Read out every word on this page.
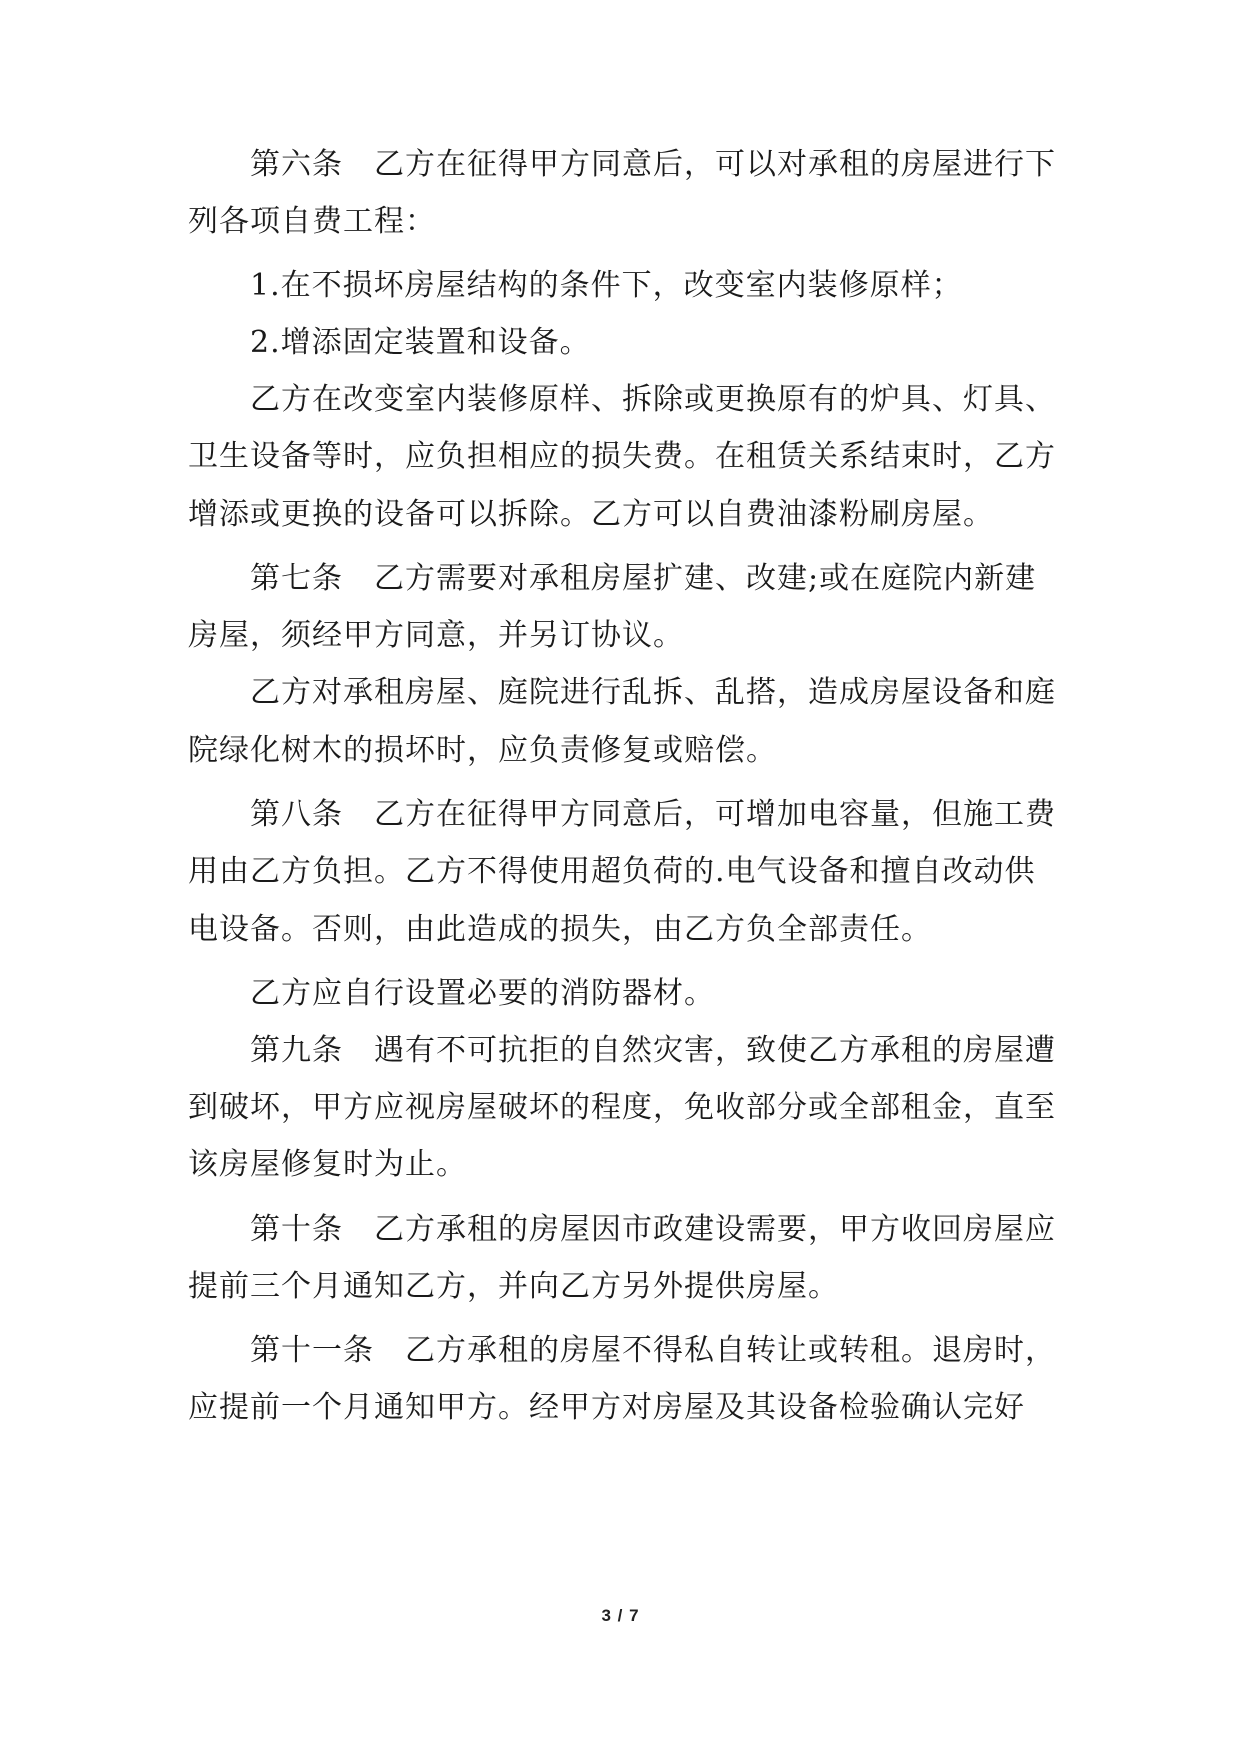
第六条　乙方在征得甲方同意后，可以对承租的房屋进行下
列各项自费工程：
1.在不损坏房屋结构的条件下，改变室内装修原样；
2.增添固定装置和设备。
乙方在改变室内装修原样、拆除或更换原有的炉具、灯具、
卫生设备等时，应负担相应的损失费。在租赁关系结束时，乙方
增添或更换的设备可以拆除。乙方可以自费油漆粉刷房屋。
第七条　乙方需要对承租房屋扩建、改建;或在庭院内新建
房屋，须经甲方同意，并另订协议。
乙方对承租房屋、庭院进行乱拆、乱搭，造成房屋设备和庭
院绿化树木的损坏时，应负责修复或赔偿。
第八条　乙方在征得甲方同意后，可增加电容量，但施工费
用由乙方负担。乙方不得使用超负荷的.电气设备和擅自改动供
电设备。否则，由此造成的损失，由乙方负全部责任。
乙方应自行设置必要的消防器材。
第九条　遇有不可抗拒的自然灾害，致使乙方承租的房屋遭
到破坏，甲方应视房屋破坏的程度，免收部分或全部租金，直至
该房屋修复时为止。
第十条　乙方承租的房屋因市政建设需要，甲方收回房屋应
提前三个月通知乙方，并向乙方另外提供房屋。
第十一条　乙方承租的房屋不得私自转让或转租。退房时，
应提前一个月通知甲方。经甲方对房屋及其设备检验确认完好
3 / 7
